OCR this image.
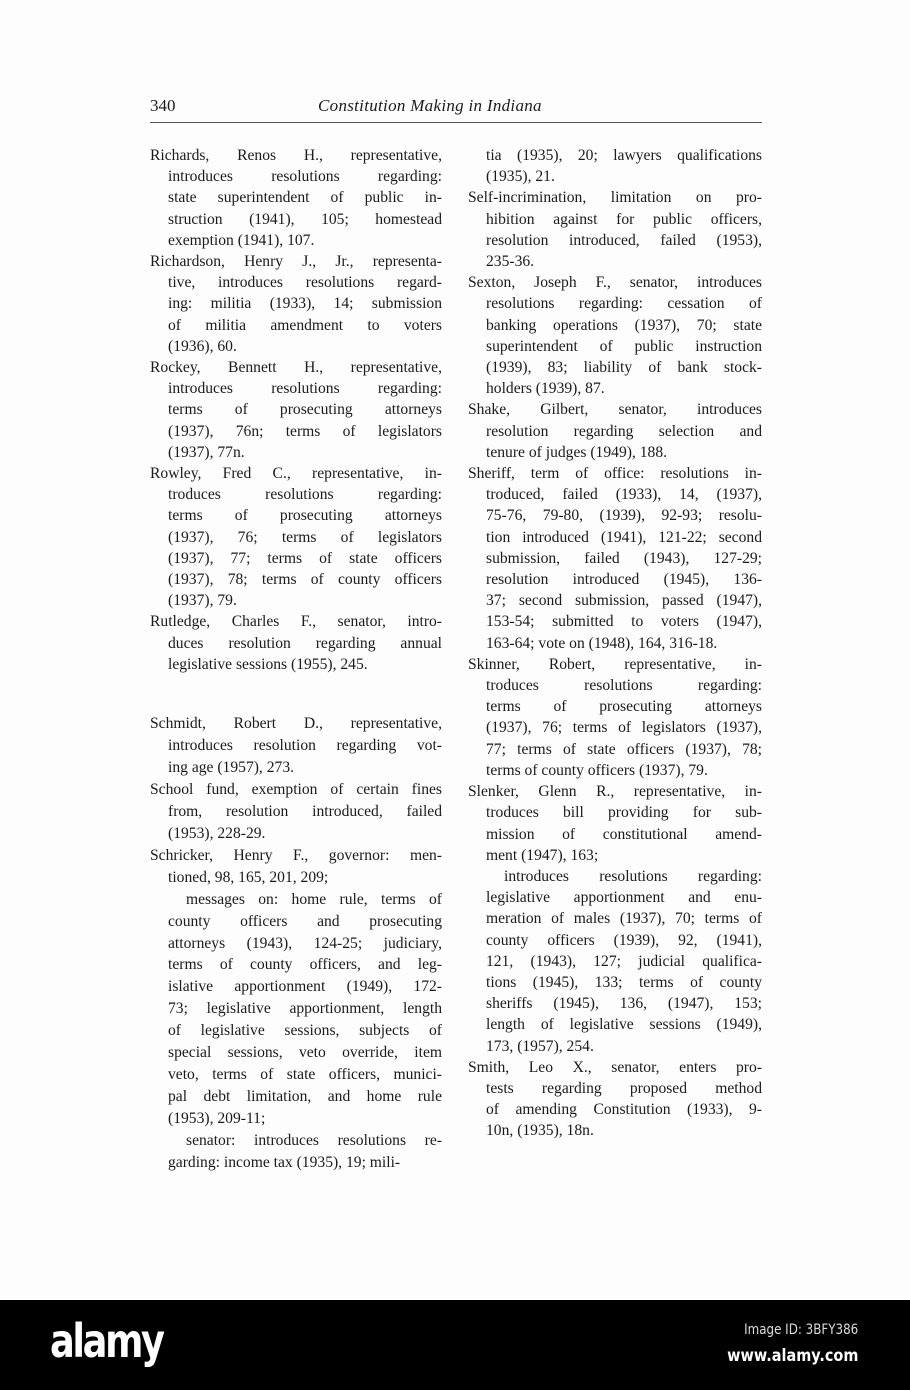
340	Constitution Making in Indiana
Richards, Renos H., representative,
introduces resolutions regarding:
state superintendent of public in-
struction (1941), 105; homestead
exemption (1941), 107.
Richardson, Henry J., Jr., representa-
tive, introduces resolutions regard-
ing: militia (1933), 14; submission
of militia amendment to voters
(1936), 60.
Rockey, Bennett H., representative,
introduces resolutions regarding:
terms of prosecuting attorneys
(1937), 76n; terms of legislators
(1937), 77n.
Rowley, Fred C., representative, in-
troduces resolutions regarding:
terms of prosecuting attorneys
(1937), 76; terms of legislators
(1937), 77; terms of state officers
(1937), 78; terms of county officers
(1937), 79.
Rutledge, Charles F., senator, intro-
duces resolution regarding annual
legislative sessions (1955), 245.
Schmidt, Robert D., representative,
introduces resolution regarding vot-
ing age (1957), 273.
School fund, exemption of certain fines
from, resolution introduced, failed
(1953), 228-29.
Schricker, Henry F., governor: men-
tioned, 98, 165, 201, 209;
messages on: home rule, terms of
county officers and prosecuting
attorneys (1943), 124-25; judiciary,
terms of county officers, and leg-
islative apportionment (1949), 172-
73; legislative apportionment, length
of legislative sessions, subjects of
special sessions, veto override, item
veto, terms of state officers, munici-
pal debt limitation, and home rule
(1953), 209-11;
senator: introduces resolutions re-
garding: income tax (1935), 19; mili-
tia (1935), 20; lawyers qualifications
(1935), 21.
Self-incrimination, limitation on pro-
hibition against for public officers,
resolution introduced, failed (1953),
235-36.
Sexton, Joseph F., senator, introduces
resolutions regarding: cessation of
banking operations (1937), 70; state
superintendent of public instruction
(1939), 83; liability of bank stock-
holders (1939), 87.
Shake, Gilbert, senator, introduces
resolution regarding selection and
tenure of judges (1949), 188.
Sheriff, term of office: resolutions in-
troduced, failed (1933), 14, (1937),
75-76, 79-80, (1939), 92-93; resolu-
tion introduced (1941), 121-22; second
submission, failed (1943), 127-29;
resolution introduced (1945), 136-
37; second submission, passed (1947),
153-54; submitted to voters (1947),
163-64; vote on (1948), 164, 316-18.
Skinner, Robert, representative, in-
troduces resolutions regarding:
terms of prosecuting attorneys
(1937), 76; terms of legislators (1937),
77; terms of state officers (1937), 78;
terms of county officers (1937), 79.
Slenker, Glenn R., representative, in-
troduces bill providing for sub-
mission of constitutional amend-
ment (1947), 163;
introduces resolutions regarding:
legislative apportionment and enu-
meration of males (1937), 70; terms of
county officers (1939), 92, (1941),
121, (1943), 127; judicial qualifica-
tions (1945), 133; terms of county
sheriffs (1945), 136, (1947), 153;
length of legislative sessions (1949),
173, (1957), 254.
Smith, Leo X., senator, enters pro-
tests regarding proposed method
of amending Constitution (1933), 9-
10n, (1935), 18n.
alamy	Image ID: 3BFY386
www.alamy.com
